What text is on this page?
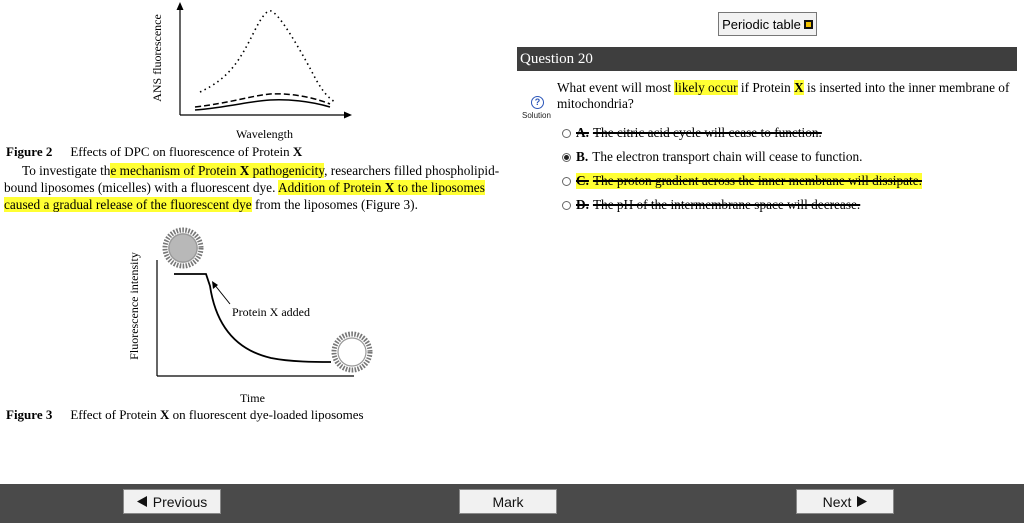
ANS fluorescence
Wavelength
Figure 2 Effects of DPC on fluorescence of Protein X
To investigate the mechanism of Protein X pathogenicity, researchers filled phospholipid-bound liposomes (micelles) with a fluorescent dye. Addition of Protein X to the liposomes caused a gradual release of the fluorescent dye from the liposomes (Figure 3).
Fluorescence intensity	Protein X added
Time
Figure 3 Effect of Protein X on fluorescent dye-loaded liposomes
Periodic table
Question 20
?
Solution
What event will most likely occur if Protein X is inserted into the inner membrane of mitochondria?
A. The citric acid cycle will cease to function.
B. The electron transport chain will cease to function.
C. The proton gradient across the inner membrane will dissipate.
D. The pH of the intermembrane space will decrease.
Previous	Mark	Next
